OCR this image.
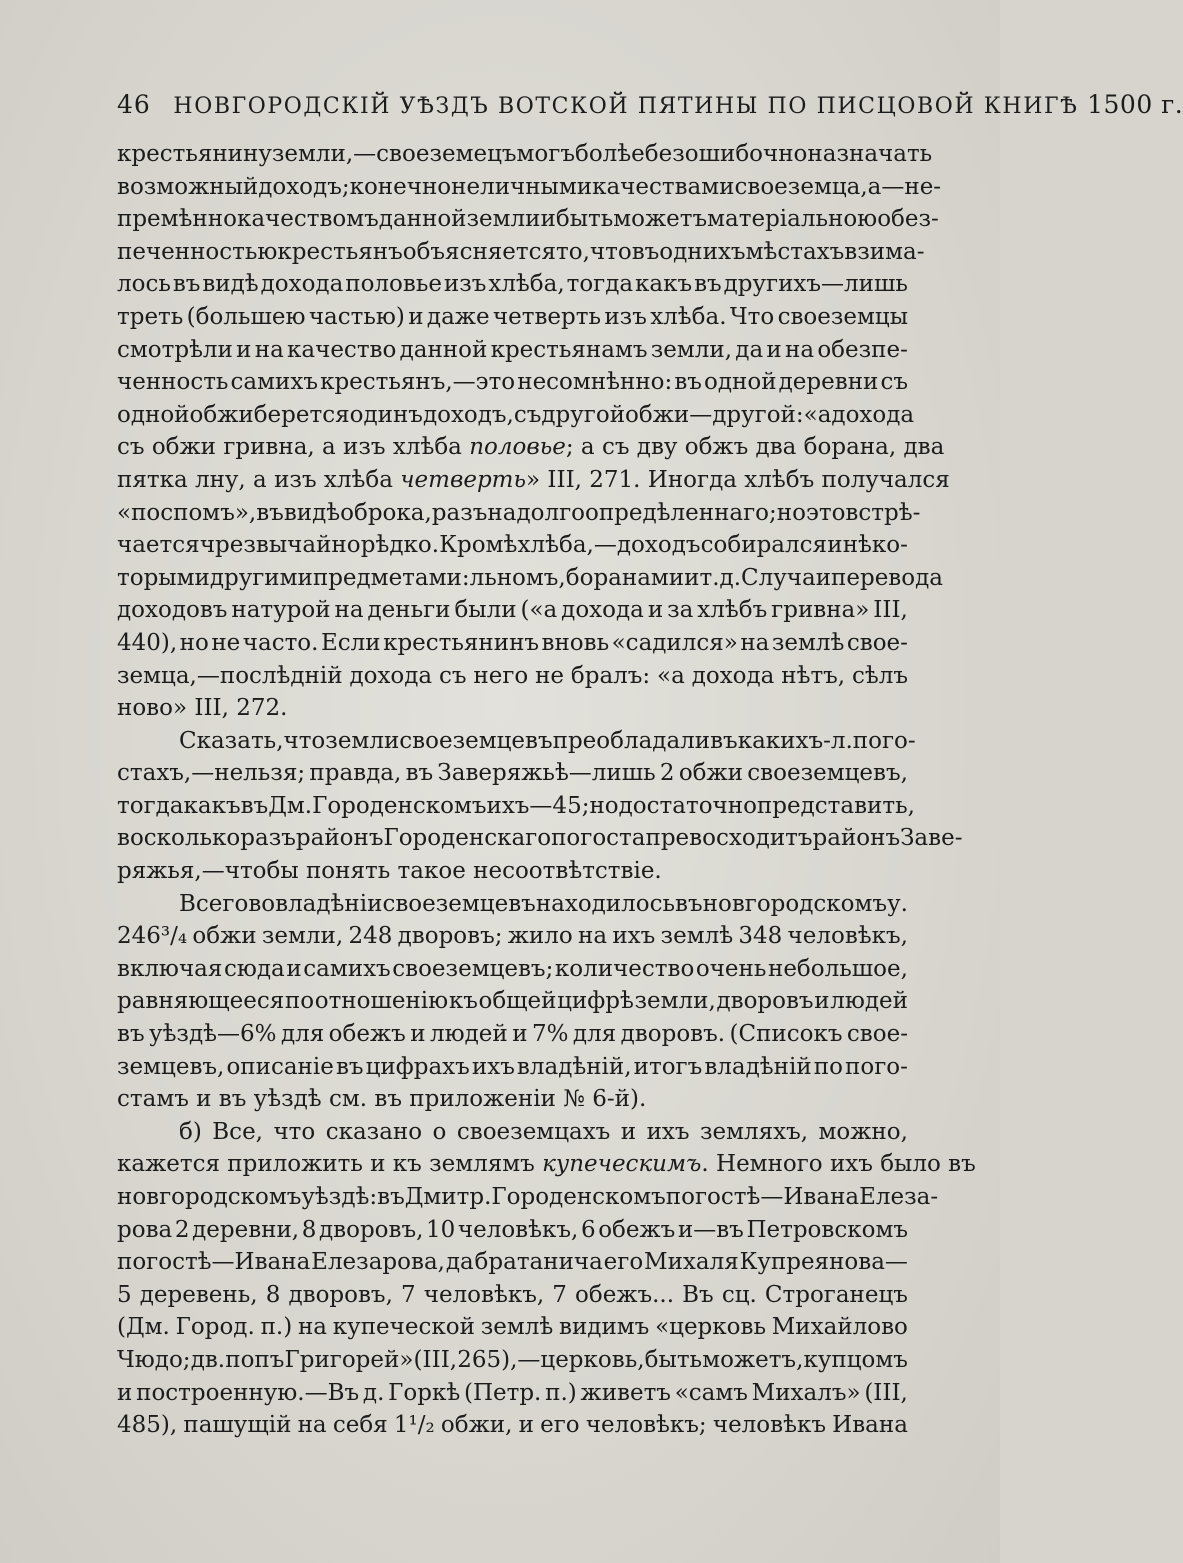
46 НОВГОРОДСКІЙ УѢЗДЪ ВОТСКОЙ ПЯТИНЫ ПО ПИСЦОВОЙ КНИГѢ 1500 г.
крестьянину земли,—своеземецъ могъ болѣе безошибочно назначать
возможный доходъ; конечно не личными качествами своеземца, а—не-
премѣнно качествомъ данной земли и быть можетъ матеріальною обез-
печенностью крестьянъ объясняется то, что въ однихъ мѣстахъ взима-
лось въ видѣ дохода половье изъ хлѣба, тогда какъ въ другихъ—лишь
треть (большею частью) и даже четверть изъ хлѣба. Что своеземцы
смотрѣли и на качество данной крестьянамъ земли, да и на обезпе-
ченность самихъ крестьянъ,—это несомнѣнно: въ одной деревни съ
одной обжи берется одинъ доходъ, съ другой обжи—другой: «а дохода
съ обжи гривна, а изъ хлѣба половье ; а съ дву обжъ два борана, два
пятка лну, а изъ хлѣба четверть » III, 271. Иногда хлѣбъ получался
«поспомъ», въ видѣ оброка, разъ надолго опредѣленнаго; но это встрѣ-
чается чрезвычайно рѣдко. Кромѣ хлѣба,—доходъ собирался и нѣко-
торыми другими предметами: льномъ, боранами и т. д. Случаи перевода
доходовъ натурой на деньги были («а дохода и за хлѣбъ гривна» III,
440), но не часто. Если крестьянинъ вновь «садился» на землѣ свое-
земца,—послѣдній дохода съ него не бралъ: «а дохода нѣтъ, сѣлъ
ново» III, 272.
Сказать, что земли своеземцевъ преобладали въ какихъ-л. пого-
стахъ,—нельзя; правда, въ Заверяжьѣ—лишь 2 обжи своеземцевъ,
тогда какъ въ Дм. Городенскомъ ихъ—45; но достаточно представить,
во сколько разъ районъ Городенскаго погоста превосходитъ районъ Заве-
ряжья,—чтобы понять такое несоотвѣтствіе.
Всего во владѣніи своеземцевъ находилось въ новгородскомъ у.
246³/₄ обжи земли, 248 дворовъ; жило на ихъ землѣ 348 человѣкъ,
включая сюда и самихъ своеземцевъ; количество очень небольшое,
равняющееся по отношенію къ общей цифрѣ земли, дворовъ и людей
въ уѣздѣ—6% для обежъ и людей и 7% для дворовъ. (Списокъ свое-
земцевъ, описаніе въ цифрахъ ихъ владѣній, итогъ владѣній по пого-
стамъ и въ уѣздѣ см. въ приложеніи № 6-й).
б) Все, что сказано о своеземцахъ и ихъ земляхъ, можно,
кажется приложить и къ землямъ купеческимъ . Немного ихъ было въ
новгородскомъ уѣздѣ: въ Дмитр. Городенскомъ погостѣ—Ивана Елеза-
рова 2 деревни, 8 дворовъ, 10 человѣкъ, 6 обежъ и—въ Петровскомъ
погостѣ—Ивана Елезарова, да братанича его Михаля Купреянова—
5 деревень, 8 дворовъ, 7 человѣкъ, 7 обежъ... Въ сц. Строганецъ
(Дм. Город. п.) на купеческой землѣ видимъ «церковь Михайлово
Чюдо; дв. попъ Григорей» (III, 265),—церковь, быть можетъ, купцомъ
и построенную.—Въ д. Горкѣ (Петр. п.) живетъ «самъ Михалъ» (III,
485), пашущій на себя 1¹/₂ обжи, и его человѣкъ; человѣкъ Ивана
